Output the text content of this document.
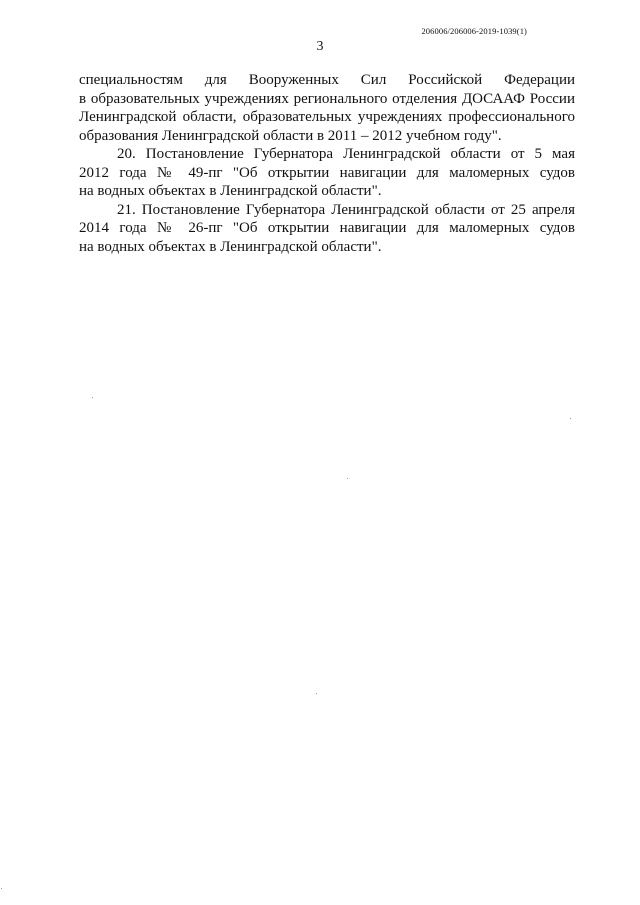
206006/206006-2019-1039(1)
3

специальностям для Вооруженных Сил Российской Федерации

в образовательных учреждениях регионального отделения ДОСААФ России

Ленинградской области, образовательных учреждениях профессионального

образования Ленинградской области в 2011 – 2012 учебном году".

20. Постановление Губернатора Ленинградской области от 5 мая

2012 года № 49-пг "Об открытии навигации для маломерных судов

на водных объектах в Ленинградской области".

21. Постановление Губернатора Ленинградской области от 25 апреля

2014 года № 26-пг "Об открытии навигации для маломерных судов

на водных объектах в Ленинградской области".
